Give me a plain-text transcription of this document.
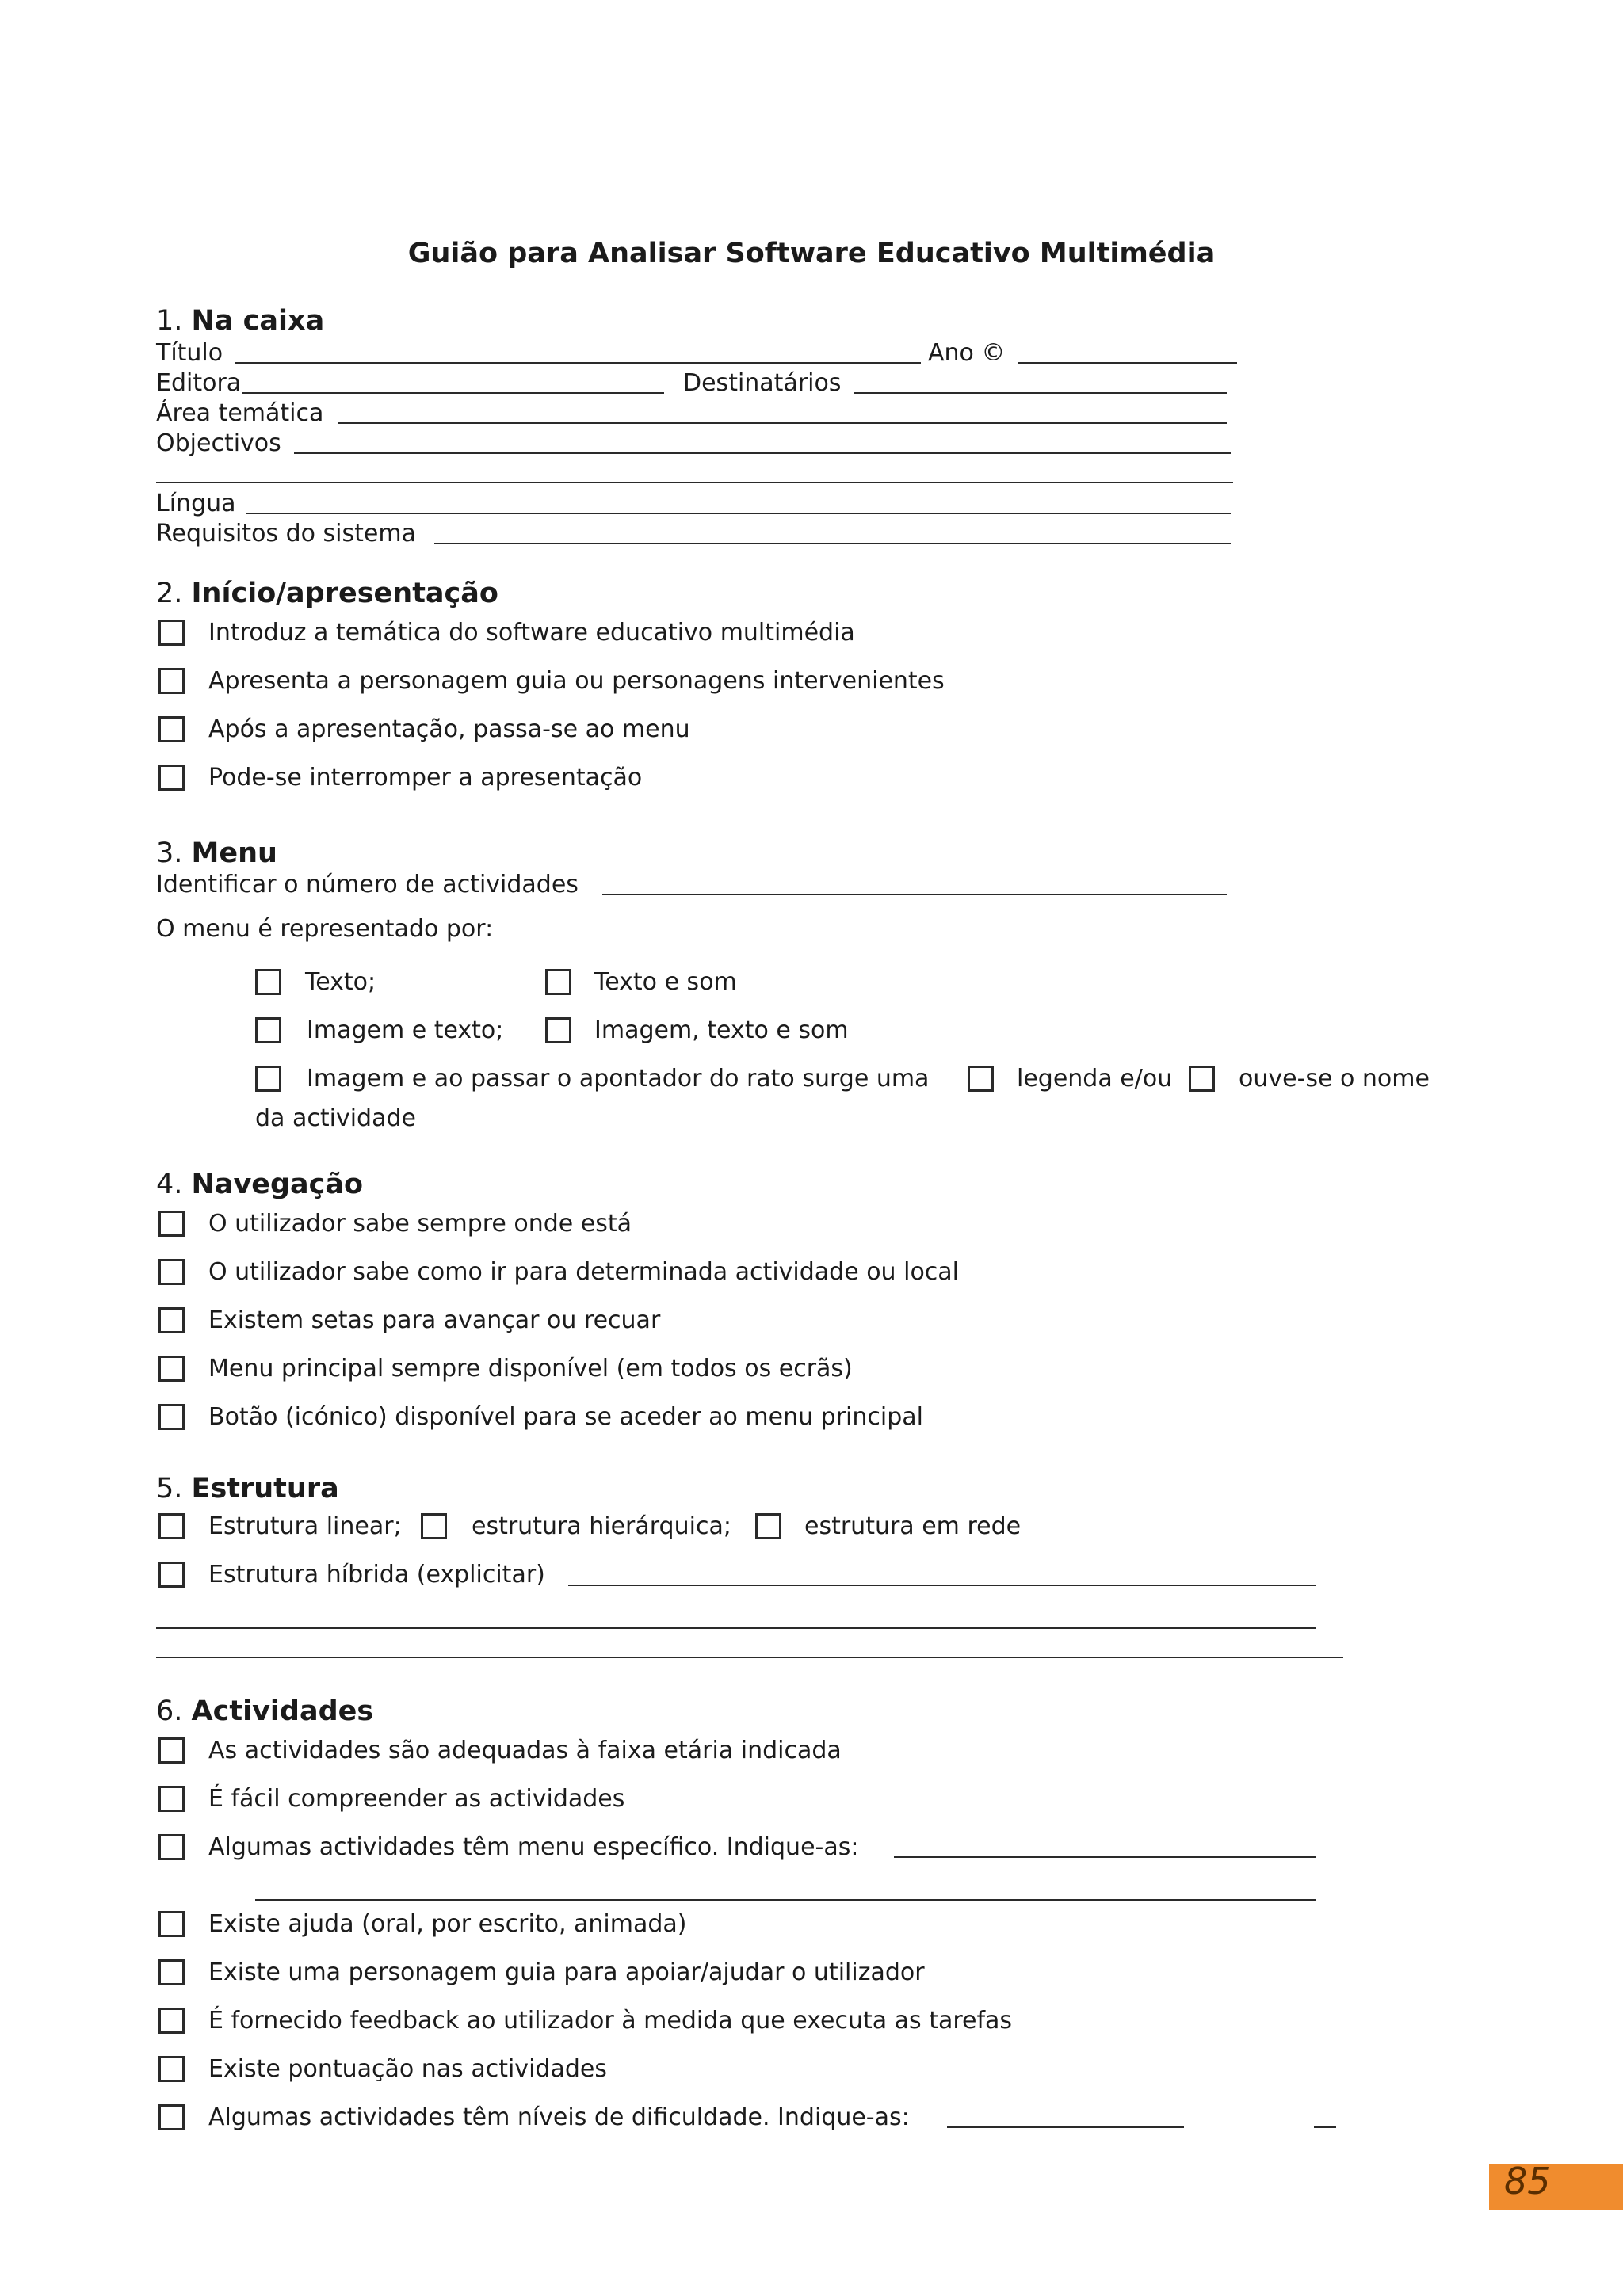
Guião para Analisar Software Educativo Multimédia
1. Na caixa
Título	Ano ©
Editora	Destinatários
Área temática
Objectivos
Língua
Requisitos do sistema
2. Início/apresentação
Introduz a temática do software educativo multimédia
Apresenta a personagem guia ou personagens intervenientes
Após a apresentação, passa-se ao menu
Pode-se interromper a apresentação
3. Menu
Identificar o número de actividades
O menu é representado por:
Texto;	Texto e som
Imagem e texto;	Imagem, texto e som
Imagem e ao passar o apontador do rato surge uma	legenda e/ou	ouve-se o nome
da actividade
4. Navegação
O utilizador sabe sempre onde está
O utilizador sabe como ir para determinada actividade ou local
Existem setas para avançar ou recuar
Menu principal sempre disponível (em todos os ecrãs)
Botão (icónico) disponível para se aceder ao menu principal
5. Estrutura
Estrutura linear;	estrutura hierárquica;	estrutura em rede
Estrutura híbrida (explicitar)
6. Actividades
As actividades são adequadas à faixa etária indicada
É fácil compreender as actividades
Algumas actividades têm menu específico. Indique-as:
Existe ajuda (oral, por escrito, animada)
Existe uma personagem guia para apoiar/ajudar o utilizador
É fornecido feedback ao utilizador à medida que executa as tarefas
Existe pontuação nas actividades
Algumas actividades têm níveis de dificuldade. Indique-as:
85
